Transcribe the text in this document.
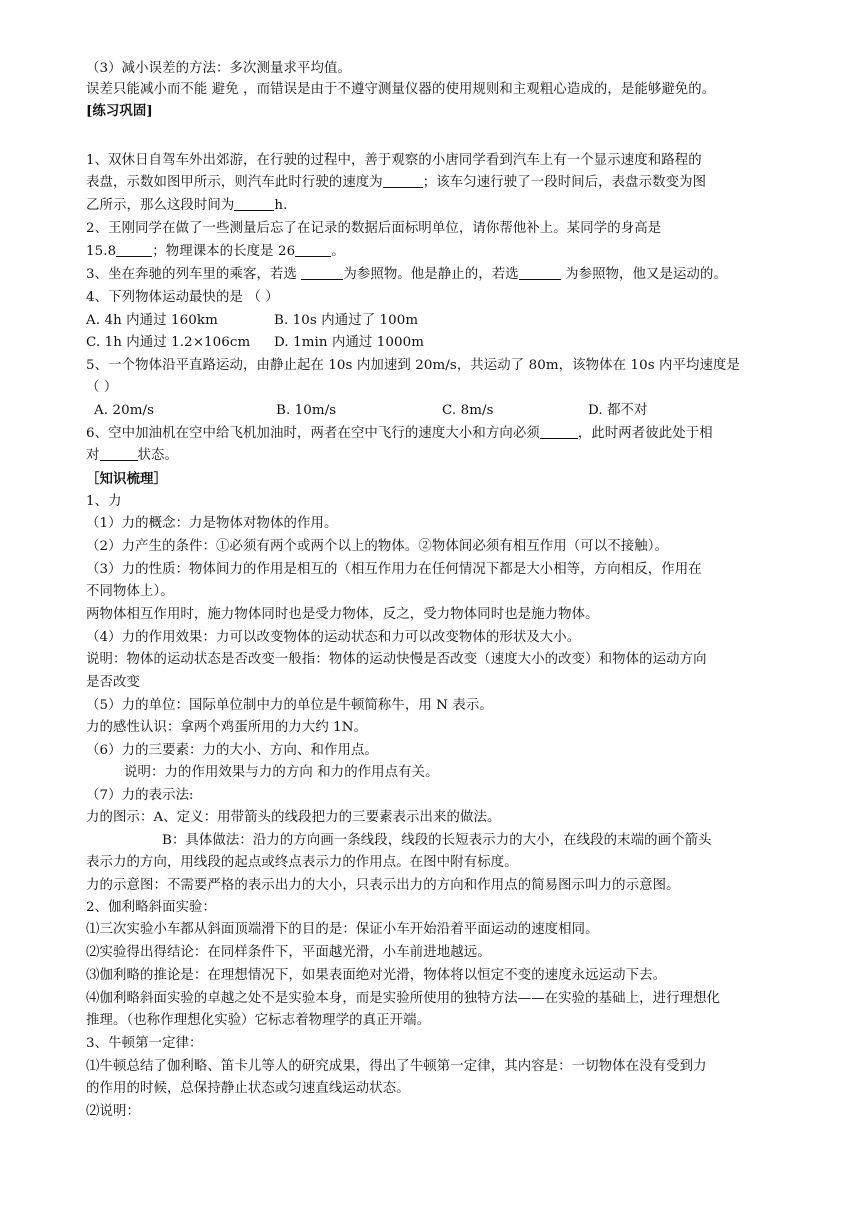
（3）减小误差的方法：多次测量求平均值。
误差只能减小而不能 避免 ，而错误是由于不遵守测量仪器的使用规则和主观粗心造成的，是能够避免的。
[练习巩固]
1、双休日自驾车外出郊游，在行驶的过程中，善于观察的小唐同学看到汽车上有一个显示速度和路程的
表盘，示数如图甲所示，则汽车此时行驶的速度为	；该车匀速行驶了一段时间后，表盘示数变为图
乙所示，那么这段时间为	h.
2、王刚同学在做了一些测量后忘了在记录的数据后面标明单位，请你帮他补上。某同学的身高是
15.8	；物理课本的长度是 26	。
3、坐在奔驰的列车里的乘客，若选	为参照物。他是静止的，若选	为参照物，他又是运动的。
4、下列物体运动最快的是 （ ）
A. 4h 内通过 160km	B. 10s 内通过了 100m
C. 1h 内通过 1.2×106cm D. 1min 内通过 1000m
5、一个物体沿平直路运动，由静止起在 10s 内加速到 20m/s，共运动了 80m，该物体在 10s 内平均速度是
（ ）
A. 20m/s	B. 10m/s	C. 8m/s	D. 都不对
6、空中加油机在空中给飞机加油时，两者在空中飞行的速度大小和方向必须	，此时两者彼此处于相
对	状态。
［知识梳理］
1、力
（1）力的概念：力是物体对物体的作用。
（2）力产生的条件：①必须有两个或两个以上的物体。②物体间必须有相互作用（可以不接触）。
（3）力的性质：物体间力的作用是相互的（相互作用力在任何情况下都是大小相等，方向相反，作用在
不同物体上）。
两物体相互作用时，施力物体同时也是受力物体，反之，受力物体同时也是施力物体。
（4）力的作用效果：力可以改变物体的运动状态和力可以改变物体的形状及大小。
说明：物体的运动状态是否改变一般指：物体的运动快慢是否改变（速度大小的改变）和物体的运动方向
是否改变
（5）力的单位：国际单位制中力的单位是牛顿简称牛，用 N 表示。
力的感性认识：拿两个鸡蛋所用的力大约 1N。
（6）力的三要素：力的大小、方向、和作用点。
说明：力的作用效果与力的方向 和力的作用点有关。
（7）力的表示法:
力的图示：A、定义：用带箭头的线段把力的三要素表示出来的做法。
B：具体做法：沿力的方向画一条线段，线段的长短表示力的大小，在线段的末端的画个箭头
表示力的方向，用线段的起点或终点表示力的作用点。在图中附有标度。
力的示意图：不需要严格的表示出力的大小，只表示出力的方向和作用点的简易图示叫力的示意图。
2、伽利略斜面实验：
⑴三次实验小车都从斜面顶端滑下的目的是：保证小车开始沿着平面运动的速度相同。
⑵实验得出得结论：在同样条件下，平面越光滑，小车前进地越远。
⑶伽利略的推论是：在理想情况下，如果表面绝对光滑，物体将以恒定不变的速度永远运动下去。
⑷伽利略斜面实验的卓越之处不是实验本身，而是实验所使用的独特方法——在实验的基础上，进行理想化
推理。（也称作理想化实验）它标志着物理学的真正开端。
3、牛顿第一定律：
⑴牛顿总结了伽利略、笛卡儿等人的研究成果，得出了牛顿第一定律，其内容是：一切物体在没有受到力
的作用的时候，总保持静止状态或匀速直线运动状态。
⑵说明：
